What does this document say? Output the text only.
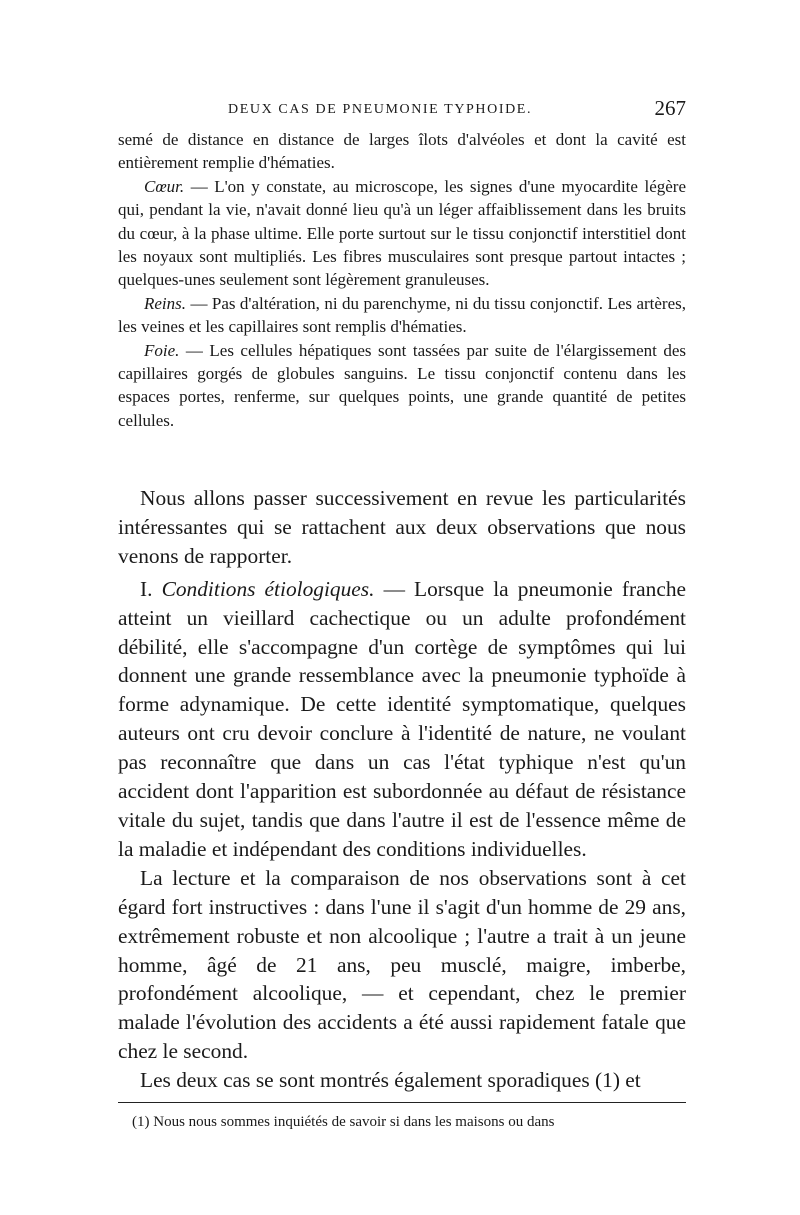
DEUX CAS DE PNEUMONIE TYPHOIDE.	267

semé de distance en distance de larges îlots d'alvéoles et dont la cavité est entièrement remplie d'hématies.

Cœur. — L'on y constate, au microscope, les signes d'une myocardite légère qui, pendant la vie, n'avait donné lieu qu'à un léger affaiblissement dans les bruits du cœur, à la phase ultime. Elle porte surtout sur le tissu conjonctif interstitiel dont les noyaux sont multipliés. Les fibres musculaires sont presque partout intactes ; quelques-unes seulement sont légèrement granuleuses.

Reins. — Pas d'altération, ni du parenchyme, ni du tissu conjonctif. Les artères, les veines et les capillaires sont remplis d'hématies.

Foie. — Les cellules hépatiques sont tassées par suite de l'élargissement des capillaires gorgés de globules sanguins. Le tissu conjonctif contenu dans les espaces portes, renferme, sur quelques points, une grande quantité de petites cellules.

Nous allons passer successivement en revue les particularités intéressantes qui se rattachent aux deux observations que nous venons de rapporter.

I. Conditions étiologiques. — Lorsque la pneumonie franche atteint un vieillard cachectique ou un adulte profondément débilité, elle s'accompagne d'un cortège de symptômes qui lui donnent une grande ressemblance avec la pneumonie typhoïde à forme adynamique. De cette identité symptomatique, quelques auteurs ont cru devoir conclure à l'identité de nature, ne voulant pas reconnaître que dans un cas l'état typhique n'est qu'un accident dont l'apparition est subordonnée au défaut de résistance vitale du sujet, tandis que dans l'autre il est de l'essence même de la maladie et indépendant des conditions individuelles.

La lecture et la comparaison de nos observations sont à cet égard fort instructives : dans l'une il s'agit d'un homme de 29 ans, extrêmement robuste et non alcoolique ; l'autre a trait à un jeune homme, âgé de 21 ans, peu musclé, maigre, imberbe, profondément alcoolique, — et cependant, chez le premier malade l'évolution des accidents a été aussi rapidement fatale que chez le second.

Les deux cas se sont montrés également sporadiques (1) et

(1) Nous nous sommes inquiétés de savoir si dans les maisons ou dans
